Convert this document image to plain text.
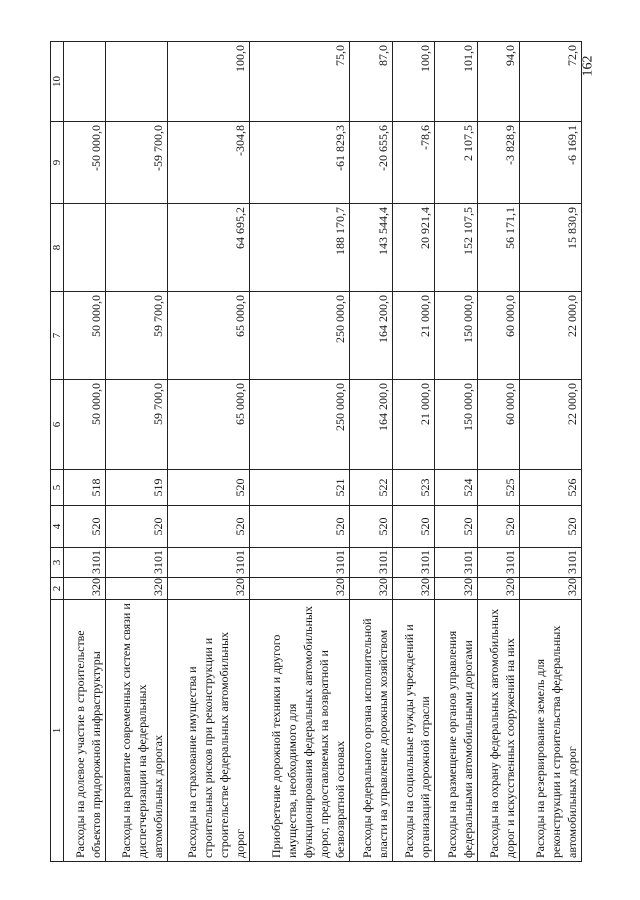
162
1	2	3	4	5	6	7	8	9	10
Расходы на долевое участие в строительстве объектов придорожной инфраструктуры	320	3101	520	518	50 000,0	50 000,0		-50 000,0	
Расходы на развитие современных систем связи и диспетчеризации на федеральных автомобильных дорогах	320	3101	520	519	59 700,0	59 700,0		-59 700,0	
Расходы на страхование имущества и строительных рисков при реконструкции и строительстве федеральных автомобильных дорог	320	3101	520	520	65 000,0	65 000,0	64 695,2	-304,8	100,0
Приобретение дорожной техники и другого имущества, необходимого для функционирования федеральных автомобильных дорог, предоставляемых на возвратной и безвозвратной основах	320	3101	520	521	250 000,0	250 000,0	188 170,7	-61 829,3	75,0
Расходы федерального органа исполнительной власти на управление дорожным хозяйством	320	3101	520	522	164 200,0	164 200,0	143 544,4	-20 655,6	87,0
Расходы на социальные нужды учреждений и организаций дорожной отрасли	320	3101	520	523	21 000,0	21 000,0	20 921,4	-78,6	100,0
Расходы на размещение органов управления федеральными автомобильными дорогами	320	3101	520	524	150 000,0	150 000,0	152 107,5	2 107,5	101,0
Расходы на охрану федеральных автомобильных дорог и искусственных сооружений на них	320	3101	520	525	60 000,0	60 000,0	56 171,1	-3 828,9	94,0
Расходы на резервирование земель для реконструкции и строительства федеральных автомобильных дорог	320	3101	520	526	22 000,0	22 000,0	15 830,9	-6 169,1	72,0
